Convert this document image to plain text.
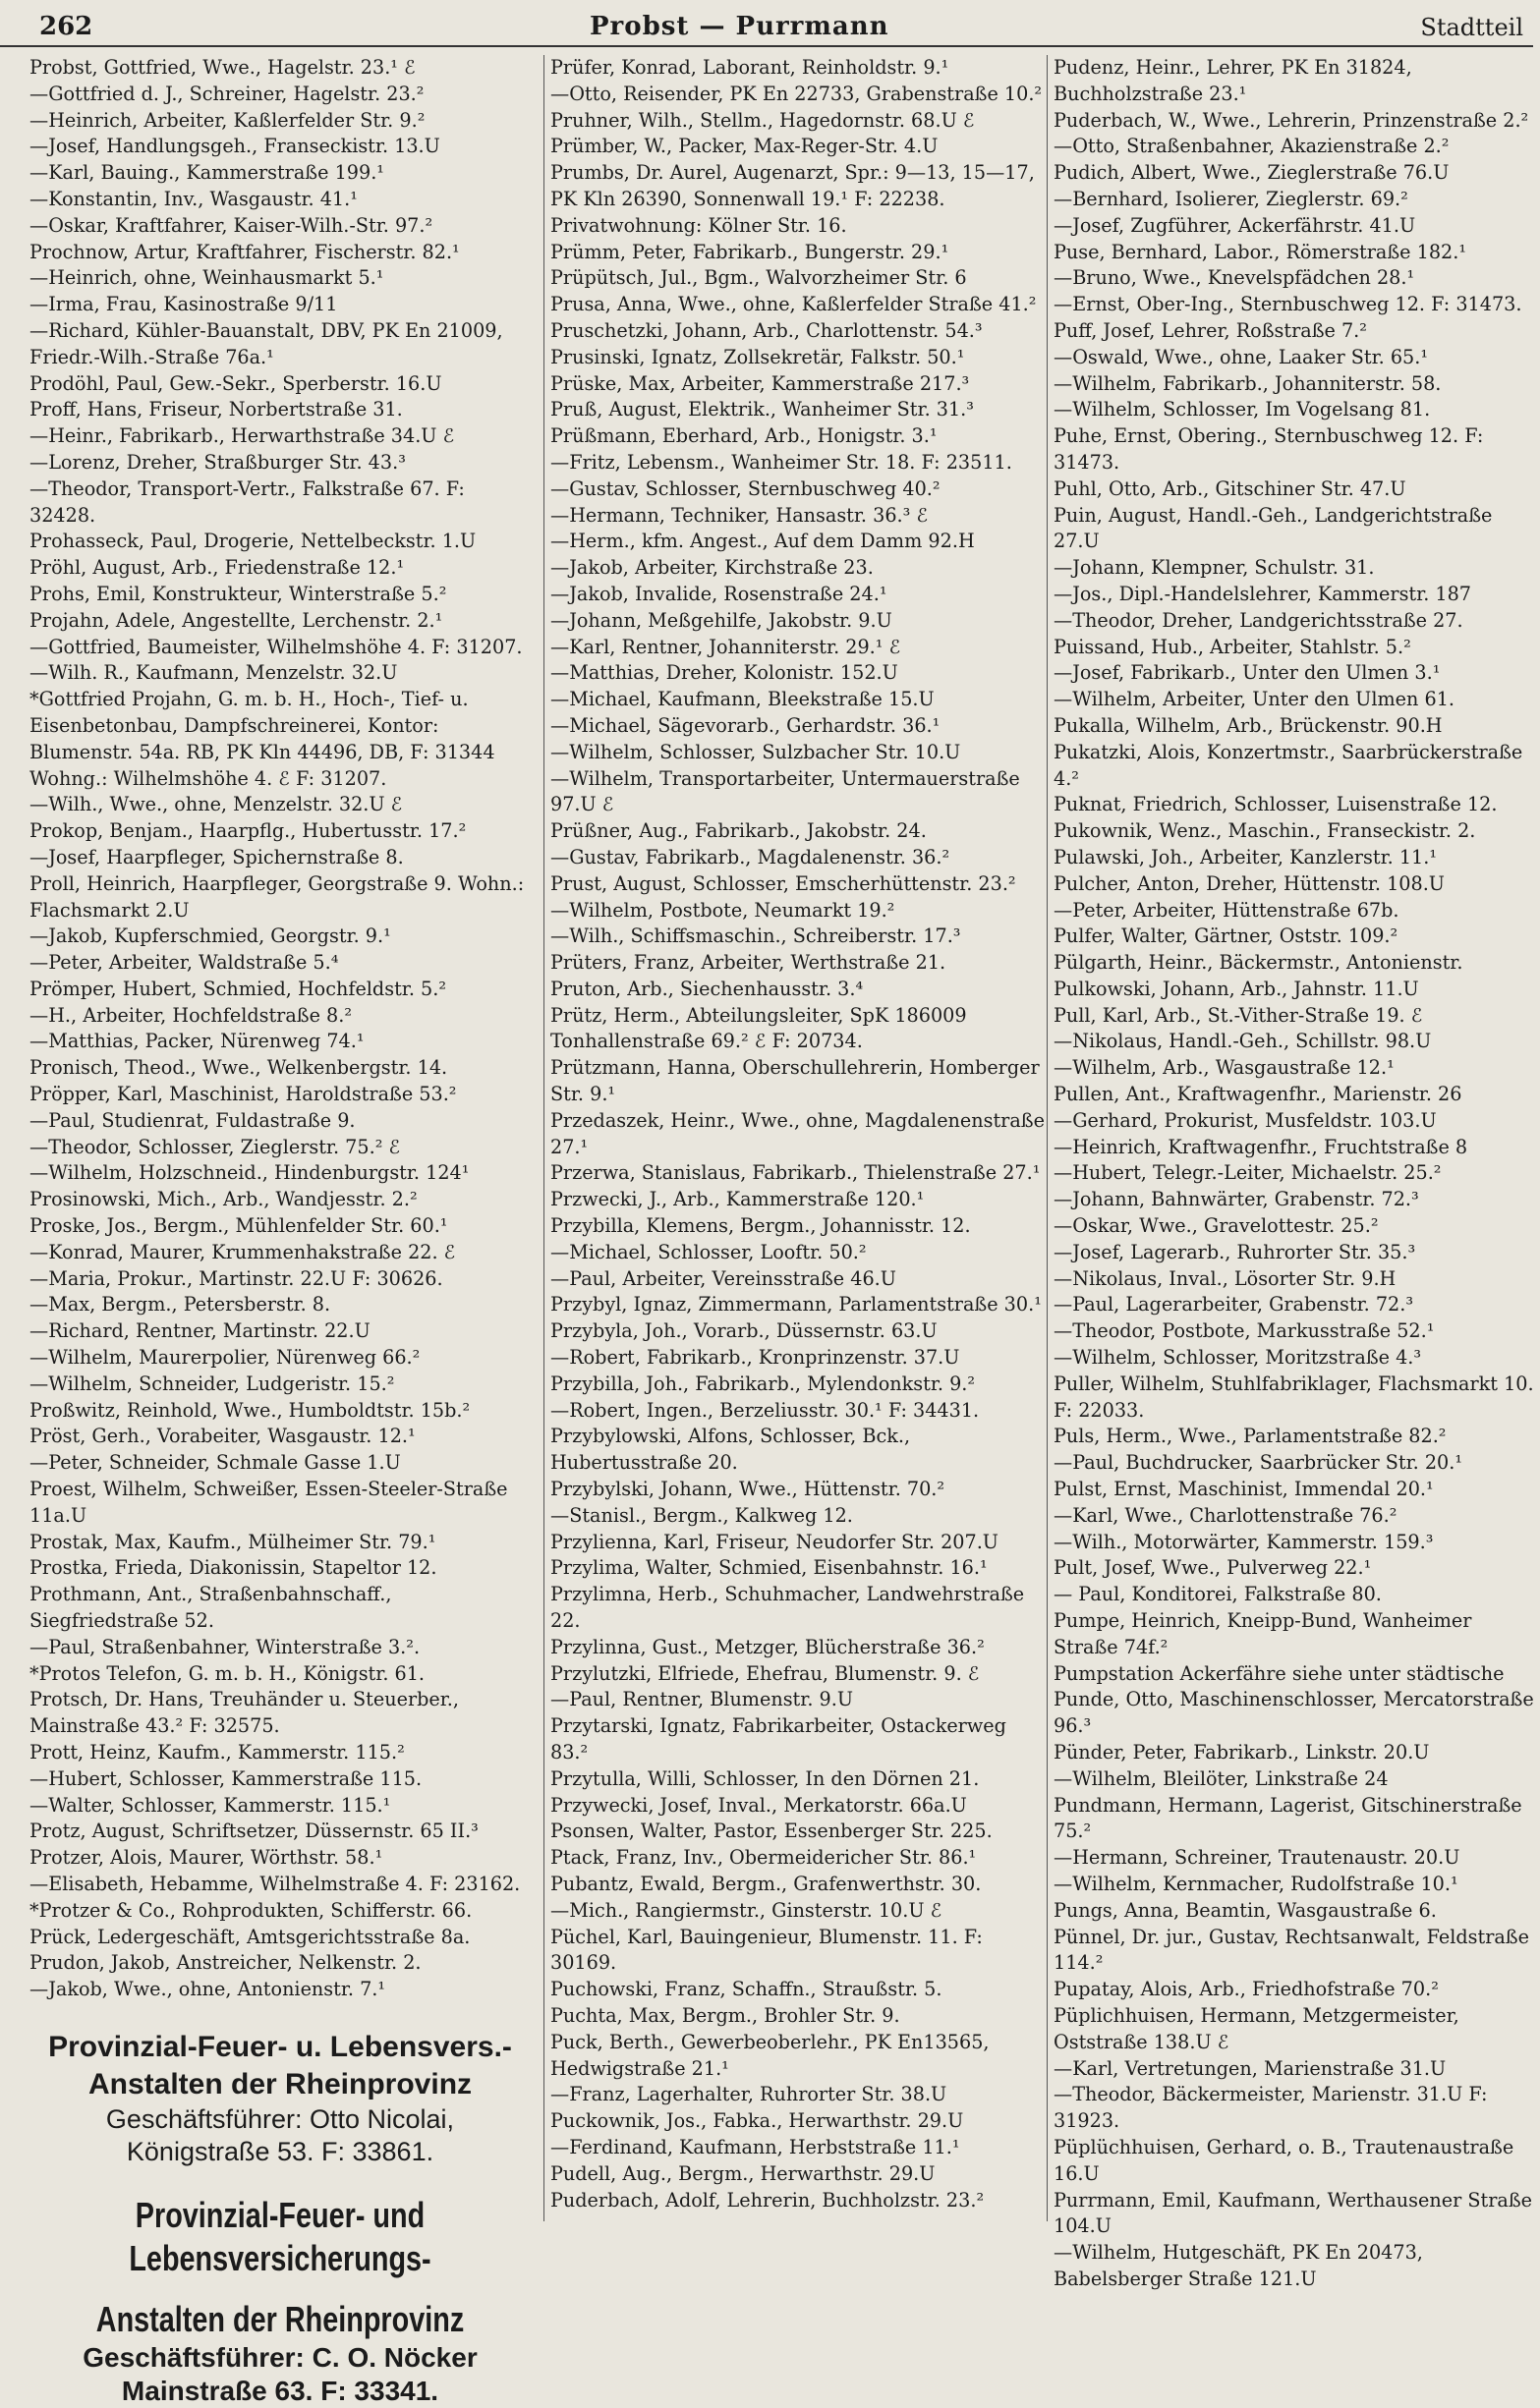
262	Probst — Purrmann	Stadtteil
Probst, Gottfried, Wwe., Hagelstr. 23.¹ ℰ
—Gottfried d. J., Schreiner, Hagelstr. 23.²
—Heinrich, Arbeiter, Kaßlerfelder Str. 9.²
—Josef, Handlungsgeh., Franseckistr. 13.U
—Karl, Bauing., Kammerstraße 199.¹
—Konstantin, Inv., Wasgaustr. 41.¹
—Oskar, Kraftfahrer, Kaiser-Wilh.-Str. 97.²
Prochnow, Artur, Kraftfahrer, Fischerstr. 82.¹
—Heinrich, ohne, Weinhausmarkt 5.¹
—Irma, Frau, Kasinostraße 9/11
—Richard, Kühler-Bauanstalt, DBV, PK En 21009, Friedr.-Wilh.-Straße 76a.¹
Prodöhl, Paul, Gew.-Sekr., Sperberstr. 16.U
Proff, Hans, Friseur, Norbertstraße 31.
—Heinr., Fabrikarb., Herwarthstraße 34.U ℰ
—Lorenz, Dreher, Straßburger Str. 43.³
—Theodor, Transport-Vertr., Falkstraße 67. F: 32428.
Prohasseck, Paul, Drogerie, Nettelbeckstr. 1.U
Pröhl, August, Arb., Friedenstraße 12.¹
Prohs, Emil, Konstrukteur, Winterstraße 5.²
Projahn, Adele, Angestellte, Lerchenstr. 2.¹
—Gottfried, Baumeister, Wilhelmshöhe 4. F: 31207.
—Wilh. R., Kaufmann, Menzelstr. 32.U
*Gottfried Projahn, G. m. b. H., Hoch-, Tief- u. Eisenbetonbau, Dampfschreinerei, Kontor: Blumenstr. 54a. RB, PK Kln 44496, DB, F: 31344 Wohng.: Wilhelmshöhe 4. ℰ F: 31207.
—Wilh., Wwe., ohne, Menzelstr. 32.U ℰ
Prokop, Benjam., Haarpflg., Hubertusstr. 17.²
—Josef, Haarpfleger, Spichernstraße 8.
Proll, Heinrich, Haarpfleger, Georgstraße 9. Wohn.: Flachsmarkt 2.U
—Jakob, Kupferschmied, Georgstr. 9.¹
—Peter, Arbeiter, Waldstraße 5.⁴
Prömper, Hubert, Schmied, Hochfeldstr. 5.²
—H., Arbeiter, Hochfeldstraße 8.²
—Matthias, Packer, Nürenweg 74.¹
Pronisch, Theod., Wwe., Welkenbergstr. 14.
Pröpper, Karl, Maschinist, Haroldstraße 53.²
—Paul, Studienrat, Fuldastraße 9.
—Theodor, Schlosser, Zieglerstr. 75.² ℰ
—Wilhelm, Holzschneid., Hindenburgstr. 124¹
Prosinowski, Mich., Arb., Wandjesstr. 2.²
Proske, Jos., Bergm., Mühlenfelder Str. 60.¹
—Konrad, Maurer, Krummenhakstraße 22. ℰ
—Maria, Prokur., Martinstr. 22.U F: 30626.
—Max, Bergm., Petersberstr. 8.
—Richard, Rentner, Martinstr. 22.U
—Wilhelm, Maurerpolier, Nürenweg 66.²
—Wilhelm, Schneider, Ludgeristr. 15.²
Proßwitz, Reinhold, Wwe., Humboldtstr. 15b.²
Pröst, Gerh., Vorabeiter, Wasgaustr. 12.¹
—Peter, Schneider, Schmale Gasse 1.U
Proest, Wilhelm, Schweißer, Essen-Steeler-Straße 11a.U
Prostak, Max, Kaufm., Mülheimer Str. 79.¹
Prostka, Frieda, Diakonissin, Stapeltor 12.
Prothmann, Ant., Straßenbahnschaff., Siegfriedstraße 52.
—Paul, Straßenbahner, Winterstraße 3.².
*Protos Telefon, G. m. b. H., Königstr. 61.
Protsch, Dr. Hans, Treuhänder u. Steuerber., Mainstraße 43.² F: 32575.
Prott, Heinz, Kaufm., Kammerstr. 115.²
—Hubert, Schlosser, Kammerstraße 115.
—Walter, Schlosser, Kammerstr. 115.¹
Protz, August, Schriftsetzer, Düssernstr. 65 II.³
Protzer, Alois, Maurer, Wörthstr. 58.¹
—Elisabeth, Hebamme, Wilhelmstraße 4. F: 23162.
*Protzer & Co., Rohprodukten, Schifferstr. 66.
Prück, Ledergeschäft, Amtsgerichtsstraße 8a.
Prudon, Jakob, Anstreicher, Nelkenstr. 2.
—Jakob, Wwe., ohne, Antonienstr. 7.¹
Provinzial-Feuer- u. Lebensvers.-
Anstalten der Rheinprovinz
Geschäftsführer: Otto Nicolai,
Königstraße 53. F: 33861.
Provinzial-Feuer- und Lebensversicherungs-
Anstalten der Rheinprovinz
Geschäftsführer: C. O. Nöcker
Mainstraße 63. F: 33341.
Prüfer, Konrad, Laborant, Reinholdstr. 9.¹
—Otto, Reisender, PK En 22733, Grabenstraße 10.²
Pruhner, Wilh., Stellm., Hagedornstr. 68.U ℰ
Prümber, W., Packer, Max-Reger-Str. 4.U
Prumbs, Dr. Aurel, Augenarzt, Spr.: 9—13, 15—17, PK Kln 26390, Sonnenwall 19.¹ F: 22238. Privatwohnung: Kölner Str. 16.
Prümm, Peter, Fabrikarb., Bungerstr. 29.¹
Prüpütsch, Jul., Bgm., Walvorzheimer Str. 6
Prusa, Anna, Wwe., ohne, Kaßlerfelder Straße 41.²
Pruschetzki, Johann, Arb., Charlottenstr. 54.³
Prusinski, Ignatz, Zollsekretär, Falkstr. 50.¹
Prüske, Max, Arbeiter, Kammerstraße 217.³
Pruß, August, Elektrik., Wanheimer Str. 31.³
Prüßmann, Eberhard, Arb., Honigstr. 3.¹
—Fritz, Lebensm., Wanheimer Str. 18. F: 23511.
—Gustav, Schlosser, Sternbuschweg 40.²
—Hermann, Techniker, Hansastr. 36.³ ℰ
—Herm., kfm. Angest., Auf dem Damm 92.H
—Jakob, Arbeiter, Kirchstraße 23.
—Jakob, Invalide, Rosenstraße 24.¹
—Johann, Meßgehilfe, Jakobstr. 9.U
—Karl, Rentner, Johanniterstr. 29.¹ ℰ
—Matthias, Dreher, Kolonistr. 152.U
—Michael, Kaufmann, Bleekstraße 15.U
—Michael, Sägevorarb., Gerhardstr. 36.¹
—Wilhelm, Schlosser, Sulzbacher Str. 10.U
—Wilhelm, Transportarbeiter, Untermauerstraße 97.U ℰ
Prüßner, Aug., Fabrikarb., Jakobstr. 24.
—Gustav, Fabrikarb., Magdalenenstr. 36.²
Prust, August, Schlosser, Emscherhüttenstr. 23.²
—Wilhelm, Postbote, Neumarkt 19.²
—Wilh., Schiffsmaschin., Schreiberstr. 17.³
Prüters, Franz, Arbeiter, Werthstraße 21.
Pruton, Arb., Siechenhausstr. 3.⁴
Prütz, Herm., Abteilungsleiter, SpK 186009 Tonhallenstraße 69.² ℰ F: 20734.
Prützmann, Hanna, Oberschullehrerin, Homberger Str. 9.¹
Przedaszek, Heinr., Wwe., ohne, Magdalenenstraße 27.¹
Przerwa, Stanislaus, Fabrikarb., Thielenstraße 27.¹
Przwecki, J., Arb., Kammerstraße 120.¹
Przybilla, Klemens, Bergm., Johannisstr. 12.
—Michael, Schlosser, Looftr. 50.²
—Paul, Arbeiter, Vereinsstraße 46.U
Przybyl, Ignaz, Zimmermann, Parlamentstraße 30.¹
Przybyla, Joh., Vorarb., Düssernstr. 63.U
—Robert, Fabrikarb., Kronprinzenstr. 37.U
Przybilla, Joh., Fabrikarb., Mylendonkstr. 9.²
—Robert, Ingen., Berzeliusstr. 30.¹ F: 34431.
Przybylowski, Alfons, Schlosser, Bck., Hubertusstraße 20.
Przybylski, Johann, Wwe., Hüttenstr. 70.²
—Stanisl., Bergm., Kalkweg 12.
Przylienna, Karl, Friseur, Neudorfer Str. 207.U
Przylima, Walter, Schmied, Eisenbahnstr. 16.¹
Przylimna, Herb., Schuhmacher, Landwehrstraße 22.
Przylinna, Gust., Metzger, Blücherstraße 36.²
Przylutzki, Elfriede, Ehefrau, Blumenstr. 9. ℰ
—Paul, Rentner, Blumenstr. 9.U
Przytarski, Ignatz, Fabrikarbeiter, Ostackerweg 83.²
Przytulla, Willi, Schlosser, In den Dörnen 21.
Przywecki, Josef, Inval., Merkatorstr. 66a.U
Psonsen, Walter, Pastor, Essenberger Str. 225.
Ptack, Franz, Inv., Obermeidericher Str. 86.¹
Pubantz, Ewald, Bergm., Grafenwerthstr. 30.
—Mich., Rangiermstr., Ginsterstr. 10.U ℰ
Püchel, Karl, Bauingenieur, Blumenstr. 11. F: 30169.
Puchowski, Franz, Schaffn., Straußstr. 5.
Puchta, Max, Bergm., Brohler Str. 9.
Puck, Berth., Gewerbeoberlehr., PK En13565, Hedwigstraße 21.¹
—Franz, Lagerhalter, Ruhrorter Str. 38.U
Puckownik, Jos., Fabka., Herwarthstr. 29.U
—Ferdinand, Kaufmann, Herbststraße 11.¹
Pudell, Aug., Bergm., Herwarthstr. 29.U
Puderbach, Adolf, Lehrerin, Buchholzstr. 23.²
Pudenz, Heinr., Lehrer, PK En 31824, Buchholzstraße 23.¹
Puderbach, W., Wwe., Lehrerin, Prinzenstraße 2.²
—Otto, Straßenbahner, Akazienstraße 2.²
Pudich, Albert, Wwe., Zieglerstraße 76.U
—Bernhard, Isolierer, Zieglerstr. 69.²
—Josef, Zugführer, Ackerfährstr. 41.U
Puse, Bernhard, Labor., Römerstraße 182.¹
—Bruno, Wwe., Knevelspfädchen 28.¹
—Ernst, Ober-Ing., Sternbuschweg 12. F: 31473.
Puff, Josef, Lehrer, Roßstraße 7.²
—Oswald, Wwe., ohne, Laaker Str. 65.¹
—Wilhelm, Fabrikarb., Johanniterstr. 58.
—Wilhelm, Schlosser, Im Vogelsang 81.
Puhe, Ernst, Obering., Sternbuschweg 12. F: 31473.
Puhl, Otto, Arb., Gitschiner Str. 47.U
Puin, August, Handl.-Geh., Landgerichtstraße 27.U
—Johann, Klempner, Schulstr. 31.
—Jos., Dipl.-Handelslehrer, Kammerstr. 187
—Theodor, Dreher, Landgerichtsstraße 27.
Puissand, Hub., Arbeiter, Stahlstr. 5.²
—Josef, Fabrikarb., Unter den Ulmen 3.¹
—Wilhelm, Arbeiter, Unter den Ulmen 61.
Pukalla, Wilhelm, Arb., Brückenstr. 90.H
Pukatzki, Alois, Konzertmstr., Saarbrückerstraße 4.²
Puknat, Friedrich, Schlosser, Luisenstraße 12.
Pukownik, Wenz., Maschin., Franseckistr. 2.
Pulawski, Joh., Arbeiter, Kanzlerstr. 11.¹
Pulcher, Anton, Dreher, Hüttenstr. 108.U
—Peter, Arbeiter, Hüttenstraße 67b.
Pulfer, Walter, Gärtner, Oststr. 109.²
Pülgarth, Heinr., Bäckermstr., Antonienstr.
Pulkowski, Johann, Arb., Jahnstr. 11.U
Pull, Karl, Arb., St.-Vither-Straße 19. ℰ
—Nikolaus, Handl.-Geh., Schillstr. 98.U
—Wilhelm, Arb., Wasgaustraße 12.¹
Pullen, Ant., Kraftwagenfhr., Marienstr. 26
—Gerhard, Prokurist, Musfeldstr. 103.U
—Heinrich, Kraftwagenfhr., Fruchtstraße 8
—Hubert, Telegr.-Leiter, Michaelstr. 25.²
—Johann, Bahnwärter, Grabenstr. 72.³
—Oskar, Wwe., Gravelottestr. 25.²
—Josef, Lagerarb., Ruhrorter Str. 35.³
—Nikolaus, Inval., Lösorter Str. 9.H
—Paul, Lagerarbeiter, Grabenstr. 72.³
—Theodor, Postbote, Markusstraße 52.¹
—Wilhelm, Schlosser, Moritzstraße 4.³
Puller, Wilhelm, Stuhlfabriklager, Flachsmarkt 10. F: 22033.
Puls, Herm., Wwe., Parlamentstraße 82.²
—Paul, Buchdrucker, Saarbrücker Str. 20.¹
Pulst, Ernst, Maschinist, Immendal 20.¹
—Karl, Wwe., Charlottenstraße 76.²
—Wilh., Motorwärter, Kammerstr. 159.³
Pult, Josef, Wwe., Pulverweg 22.¹
— Paul, Konditorei, Falkstraße 80.
Pumpe, Heinrich, Kneipp-Bund, Wanheimer Straße 74f.²
Pumpstation Ackerfähre siehe unter städtische
Punde, Otto, Maschinenschlosser, Mercatorstraße 96.³
Pünder, Peter, Fabrikarb., Linkstr. 20.U
—Wilhelm, Bleilöter, Linkstraße 24
Pundmann, Hermann, Lagerist, Gitschinerstraße 75.²
—Hermann, Schreiner, Trautenaustr. 20.U
—Wilhelm, Kernmacher, Rudolfstraße 10.¹
Pungs, Anna, Beamtin, Wasgaustraße 6.
Pünnel, Dr. jur., Gustav, Rechtsanwalt, Feldstraße 114.²
Pupatay, Alois, Arb., Friedhofstraße 70.²
Püplichhuisen, Hermann, Metzgermeister, Oststraße 138.U ℰ
—Karl, Vertretungen, Marienstraße 31.U
—Theodor, Bäckermeister, Marienstr. 31.U F: 31923.
Püplüchhuisen, Gerhard, o. B., Trautenaustraße 16.U
Purrmann, Emil, Kaufmann, Werthausener Straße 104.U
—Wilhelm, Hutgeschäft, PK En 20473, Babelsberger Straße 121.U
